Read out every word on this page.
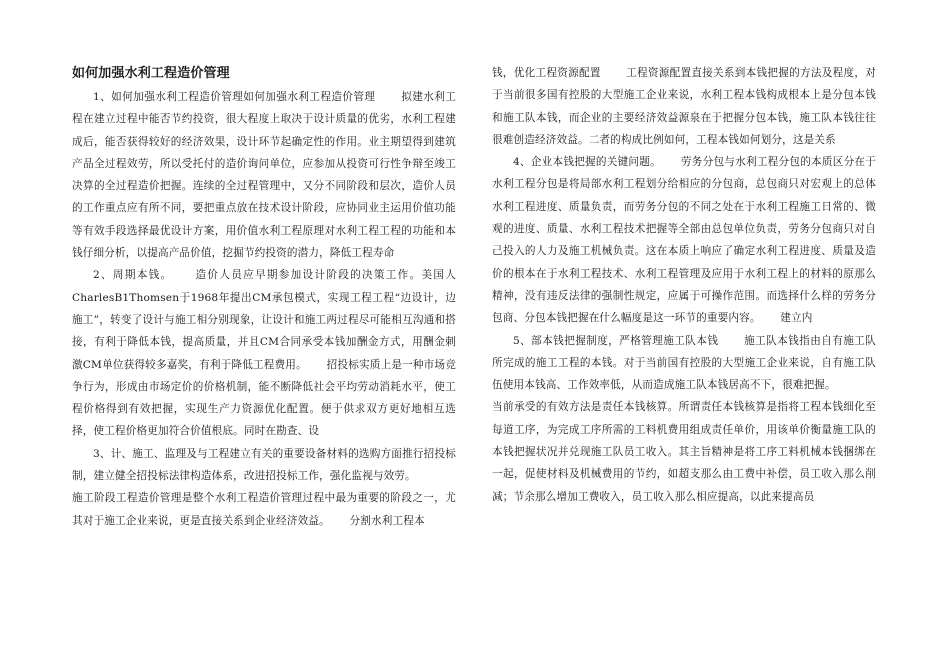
如何加强水利工程造价管理

1、如何加强水利工程造价管理如何加强水利工程造价管理　　 拟建水利工程在建立过程中能否节约投资，很大程度上取决于设计质量的优劣，水利工程建成后，能否获得较好的经济效果，设计环节起确定性的作用。业主期望得到建筑产品全过程效劳，所以受托付的造价询问单位，应参加从投资可行性争辩至竣工决算的全过程造价把握。连续的全过程管理中，又分不同阶段和层次，造价人员的工作重点应有所不同，要把重点放在技术设计阶段，应协同业主运用价值功能等有效手段选择最优设计方案，用价值水利工程原理对水利工程工程的功能和本钱仔细分析，以提高产品价值，挖掘节约投资的潜力，降低工程寿命

2、周期本钱。　　 造价人员应早期参加设计阶段的决策工作。美国人CharlesB1Thomsen于1968年提出CM承包模式，实现工程工程“边设计，边施工”，转变了设计与施工相分别现象，让设计和施工两过程尽可能相互沟通和搭接，有利于降低本钱，提高质量，并且CM合同承受本钱加酬金方式，用酬金刺激CM单位获得较多嘉奖，有利于降低工程费用。　　 招投标实质上是一种市场竞争行为，形成由市场定价的价格机制，能不断降低社会平均劳动消耗水平，使工程价格得到有效把握，实现生产力资源优化配置。便于供求双方更好地相互选择，使工程价格更加符合价值根底。同时在勘查、设

3、计、施工、监理及与工程建立有关的重要设备材料的选购方面推行招投标制，建立健全招投标法律构造体系，改进招投标工作，强化监视与效劳。

施工阶段工程造价管理是整个水利工程造价管理过程中最为重要的阶段之一，尤其对于施工企业来说，更是直接关系到企业经济效益。　　 分割水利工程本

钱，优化工程资源配置　　 工程资源配置直接关系到本钱把握的方法及程度，对于当前很多国有控股的大型施工企业来说，水利工程本钱构成根本上是分包本钱和施工队本钱，而企业的主要经济效益源泉在于把握分包本钱，施工队本钱往往很难创造经济效益。二者的构成比例如何，工程本钱如何划分，这是关系

4、企业本钱把握的关键问题。　　 劳务分包与水利工程分包的本质区分在于水利工程分包是将局部水利工程划分给相应的分包商，总包商只对宏观上的总体水利工程进度、质量负责，而劳务分包的不同之处在于水利工程施工日常的、微观的进度、质量、水利工程技术把握等全部由总包单位负责，劳务分包商只对自己投入的人力及施工机械负责。这在本质上响应了确定水利工程进度、质量及造价的根本在于水利工程技术、水利工程管理及应用于水利工程上的材料的原那么精神，没有违反法律的强制性规定，应属于可操作范围。而选择什么样的劳务分包商、分包本钱把握在什么幅度是这一环节的重要内容。　　 建立内

5、部本钱把握制度，严格管理施工队本钱　　 施工队本钱指由自有施工队所完成的施工工程的本钱。对于当前国有控股的大型施工企业来说，自有施工队伍使用本钱高、工作效率低，从而造成施工队本钱居高不下，很难把握。

当前承受的有效方法是责任本钱核算。所谓责任本钱核算是指将工程本钱细化至每道工序，为完成工序所需的工料机费用组成责任单价，用该单价衡量施工队的本钱把握状况并兑现施工队员工收入。其主旨精神是将工序工料机械本钱捆绑在一起，促使材料及机械费用的节约，如超支那么由工费中补偿，员工收入那么削减；节余那么增加工费收入，员工收入那么相应提高，以此来提高员
